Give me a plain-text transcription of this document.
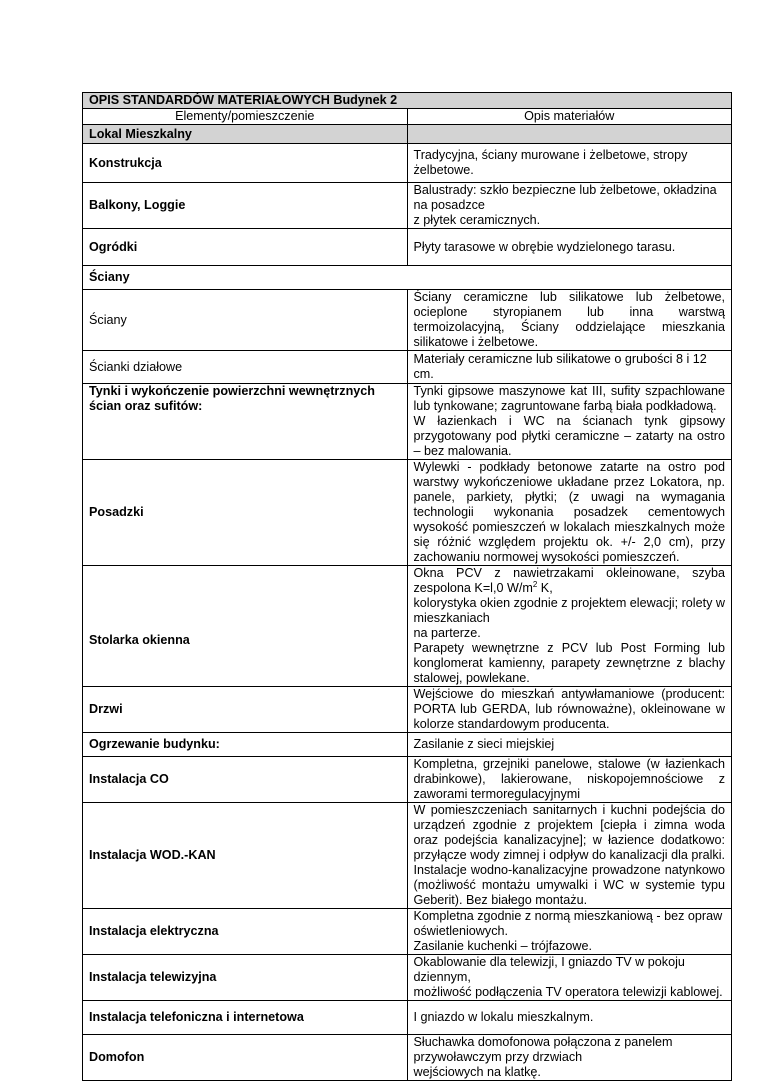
OPIS STANDARDÓW MATERIAŁOWYCH Budynek 2	
Elementy/pomieszczenie	Opis materiałów
Lokal Mieszkalny	
Konstrukcja	Tradycyjna, ściany murowane i żelbetowe, stropy żelbetowe.
Balkony, Loggie	Balustrady: szkło bezpieczne lub żelbetowe, okładzina na posadzce
z płytek ceramicznych.
Ogródki	Płyty tarasowe w obrębie wydzielonego tarasu.
Ściany	
Ściany	Ściany ceramiczne lub silikatowe lub żelbetowe, ocieplone styropianem lub inna warstwą termoizolacyjną, Ściany oddzielające mieszkania silikatowe i żelbetowe.
Ścianki działowe	Materiały ceramiczne lub silikatowe o grubości 8 i 12 cm.
Tynki i wykończenie powierzchni wewnętrznych ścian oraz sufitów:	Tynki gipsowe maszynowe kat III, sufity szpachlowane lub tynkowane; zagruntowane farbą biała podkładową.
W łazienkach i WC na ścianach tynk gipsowy przygotowany pod płytki ceramiczne – zatarty na ostro – bez malowania.
Posadzki	Wylewki - podkłady betonowe zatarte na ostro pod warstwy wykończeniowe układane przez Lokatora, np. panele, parkiety, płytki; (z uwagi na wymagania technologii wykonania posadzek cementowych wysokość pomieszczeń w lokalach mieszkalnych może się różnić względem projektu ok. +/- 2,0 cm), przy zachowaniu normowej wysokości pomieszczeń.
Stolarka okienna	Okna PCV z nawietrzakami okleinowane, szyba zespolona K=l,0 $W/m^2$ K,
kolorystyka okien zgodnie z projektem elewacji; rolety w mieszkaniach
na parterze.
Parapety wewnętrzne z PCV lub Post Forming lub konglomerat kamienny, parapety zewnętrzne z blachy stalowej, powlekane.
Drzwi	Wejściowe do mieszkań antywłamaniowe (producent: PORTA lub GERDA, lub równoważne), okleinowane w kolorze standardowym producenta.
Ogrzewanie budynku:	Zasilanie z sieci miejskiej
Instalacja CO	Kompletna, grzejniki panelowe, stalowe (w łazienkach drabinkowe), lakierowane, niskopojemnościowe z zaworami termoregulacyjnymi
Instalacja WOD.-KAN	W pomieszczeniach sanitarnych i kuchni podejścia do urządzeń zgodnie z projektem [ciepła i zimna woda oraz podejścia kanalizacyjne]; w łazience dodatkowo: przyłącze wody zimnej i odpływ do kanalizacji dla pralki. Instalacje wodno-kanalizacyjne prowadzone natynkowo (możliwość montażu umywalki i WC w systemie typu Geberit). Bez białego montażu.
Instalacja elektryczna	Kompletna zgodnie z normą mieszkaniową - bez opraw oświetleniowych.
Zasilanie kuchenki – trójfazowe.
Instalacja telewizyjna	Okablowanie dla telewizji, I gniazdo TV w pokoju dziennym,
możliwość podłączenia TV operatora telewizji kablowej.
Instalacja telefoniczna i internetowa	I gniazdo w lokalu mieszkalnym.
Domofon	Słuchawka domofonowa połączona z panelem przywoławczym przy drzwiach
wejściowych na klatkę.
